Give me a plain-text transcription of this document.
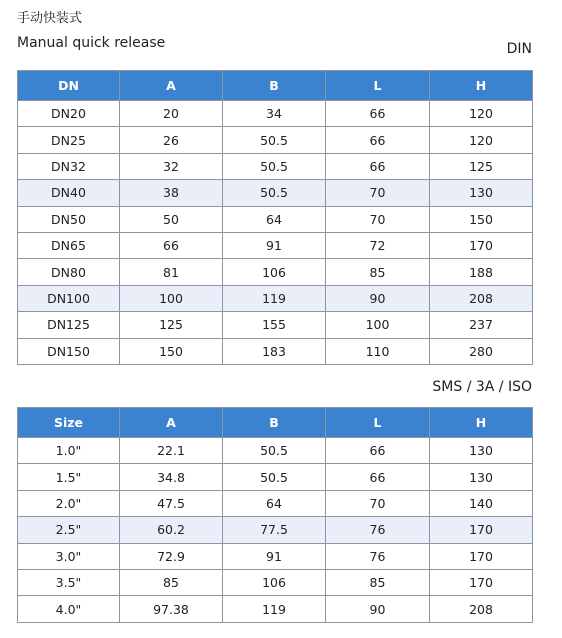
手动快装式
Manual quick release	DIN
DN	A	B	L	H
DN20	20	34	66	120
DN25	26	50.5	66	120
DN32	32	50.5	66	125
DN40	38	50.5	70	130
DN50	50	64	70	150
DN65	66	91	72	170
DN80	81	106	85	188
DN100	100	119	90	208
DN125	125	155	100	237
DN150	150	183	110	280
SMS / 3A / ISO
Size	A	B	L	H
1.0"	22.1	50.5	66	130
1.5"	34.8	50.5	66	130
2.0"	47.5	64	70	140
2.5"	60.2	77.5	76	170
3.0"	72.9	91	76	170
3.5"	85	106	85	170
4.0"	97.38	119	90	208
